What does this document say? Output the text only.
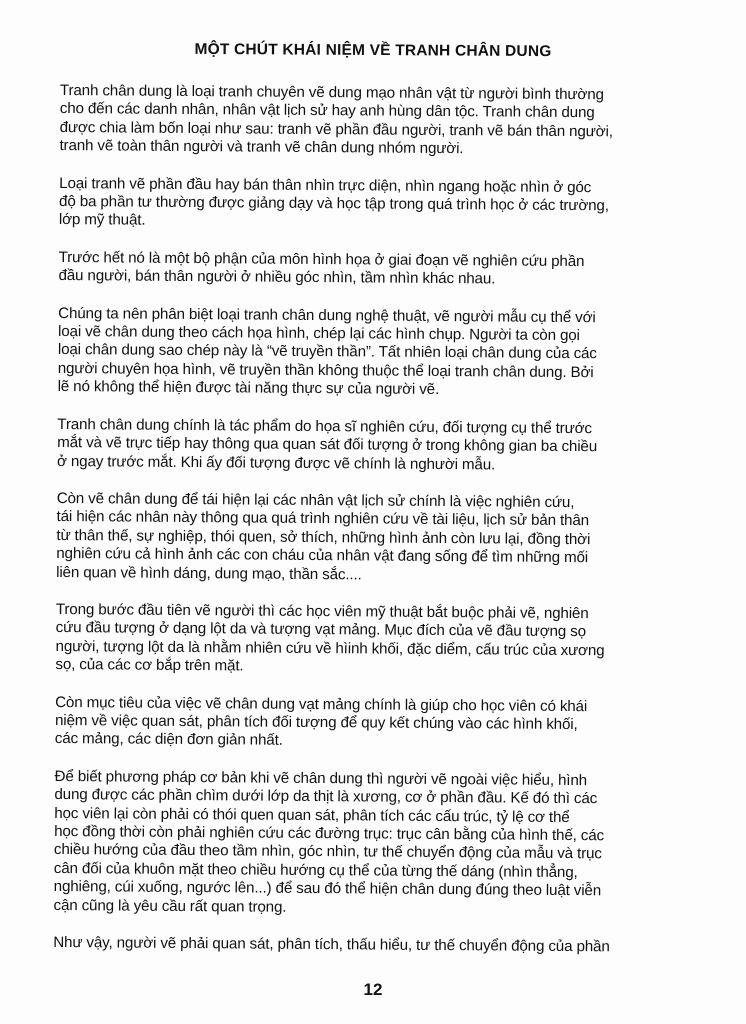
MỘT CHÚT KHÁI NIỆM VỀ TRANH CHÂN DUNG

Tranh chân dung là loại tranh chuyên vẽ dung mạo nhân vật từ người bình thường
cho đến các danh nhân, nhân vật lịch sử hay anh hùng dân tộc. Tranh chân dung
được chia làm bốn loại như sau: tranh vẽ phần đầu người, tranh vẽ bán thân người,
tranh vẽ toàn thân người và tranh vẽ chân dung nhóm người.

Loại tranh vẽ phần đầu hay bán thân nhìn trực diện, nhìn ngang hoặc nhìn ở góc
độ ba phần tư thường được giảng dạy và học tập trong quá trình học ở các trường,
lớp mỹ thuật.

Trước hết nó là một bộ phận của môn hình họa ở giai đoạn vẽ nghiên cứu phần
đầu người, bán thân người ở nhiều góc nhìn, tầm nhìn khác nhau.

Chúng ta nên phân biệt loại tranh chân dung nghệ thuật, vẽ người mẫu cụ thể với
loại vẽ chân dung theo cách họa hình, chép lại các hình chụp. Người ta còn gọi
loại chân dung sao chép này là “vẽ truyền thần”. Tất nhiên loại chân dung của các
người chuyên họa hình, vẽ truyền thần không thuộc thể loại tranh chân dung. Bởi
lẽ nó không thể hiện được tài năng thực sự của người vẽ.

Tranh chân dung chính là tác phẩm do họa sĩ nghiên cứu, đối tượng cụ thể trước
mắt và vẽ trực tiếp hay thông qua quan sát đối tượng ở trong không gian ba chiều
ở ngay trước mắt. Khi ấy đối tượng được vẽ chính là nghười mẫu.

Còn vẽ chân dung để tái hiện lại các nhân vật lịch sử chính là việc nghiên cứu,
tái hiện các nhân này thông qua quá trình nghiên cứu về tài liệu, lịch sử bản thân
từ thân thế, sự nghiệp, thói quen, sở thích, những hình ảnh còn lưu lại, đồng thời
nghiên cứu cả hình ảnh các con cháu của nhân vật đang sống để tìm những mối
liên quan về hình dáng, dung mạo, thần sắc....

Trong bước đầu tiên vẽ người thì các học viên mỹ thuật bắt buộc phải vẽ, nghiên
cứu đầu tượng ở dạng lột da và tượng vạt mảng. Mục đích của vẽ đầu tượng sọ
người, tượng lột da là nhằm nhiên cứu về hìinh khối, đặc diểm, cấu trúc của xương
sọ, của các cơ bắp trên mặt.

Còn mục tiêu của việc vẽ chân dung vạt mảng chính là giúp cho học viên có khái
niệm về việc quan sát, phân tích đối tượng để quy kết chúng vào các hình khối,
các mảng, các diện đơn giản nhất.

Để biết phương pháp cơ bản khi vẽ chân dung thì người vẽ ngoài việc hiểu, hình
dung được các phần chìm dưới lớp da thịt là xương, cơ ở phần đầu. Kế đó thì các
học viên lại còn phải có thói quen quan sát, phân tích các cấu trúc, tỷ lệ cơ thể
học đồng thời còn phải nghiên cứu các đường trục: trục cân bằng của hình thế, các
chiều hướng của đầu theo tầm nhìn, góc nhìn, tư thế chuyển động của mẫu và trục
cân đối của khuôn mặt theo chiều hướng cụ thể của từng thế dáng (nhìn thẳng,
nghiêng, cúi xuống, ngước lên...) để sau đó thể hiện chân dung đúng theo luật viễn
cận cũng là yêu cầu rất quan trọng.

Như vậy, người vẽ phải quan sát, phân tích, thấu hiểu, tư thế chuyển động của phần

12
